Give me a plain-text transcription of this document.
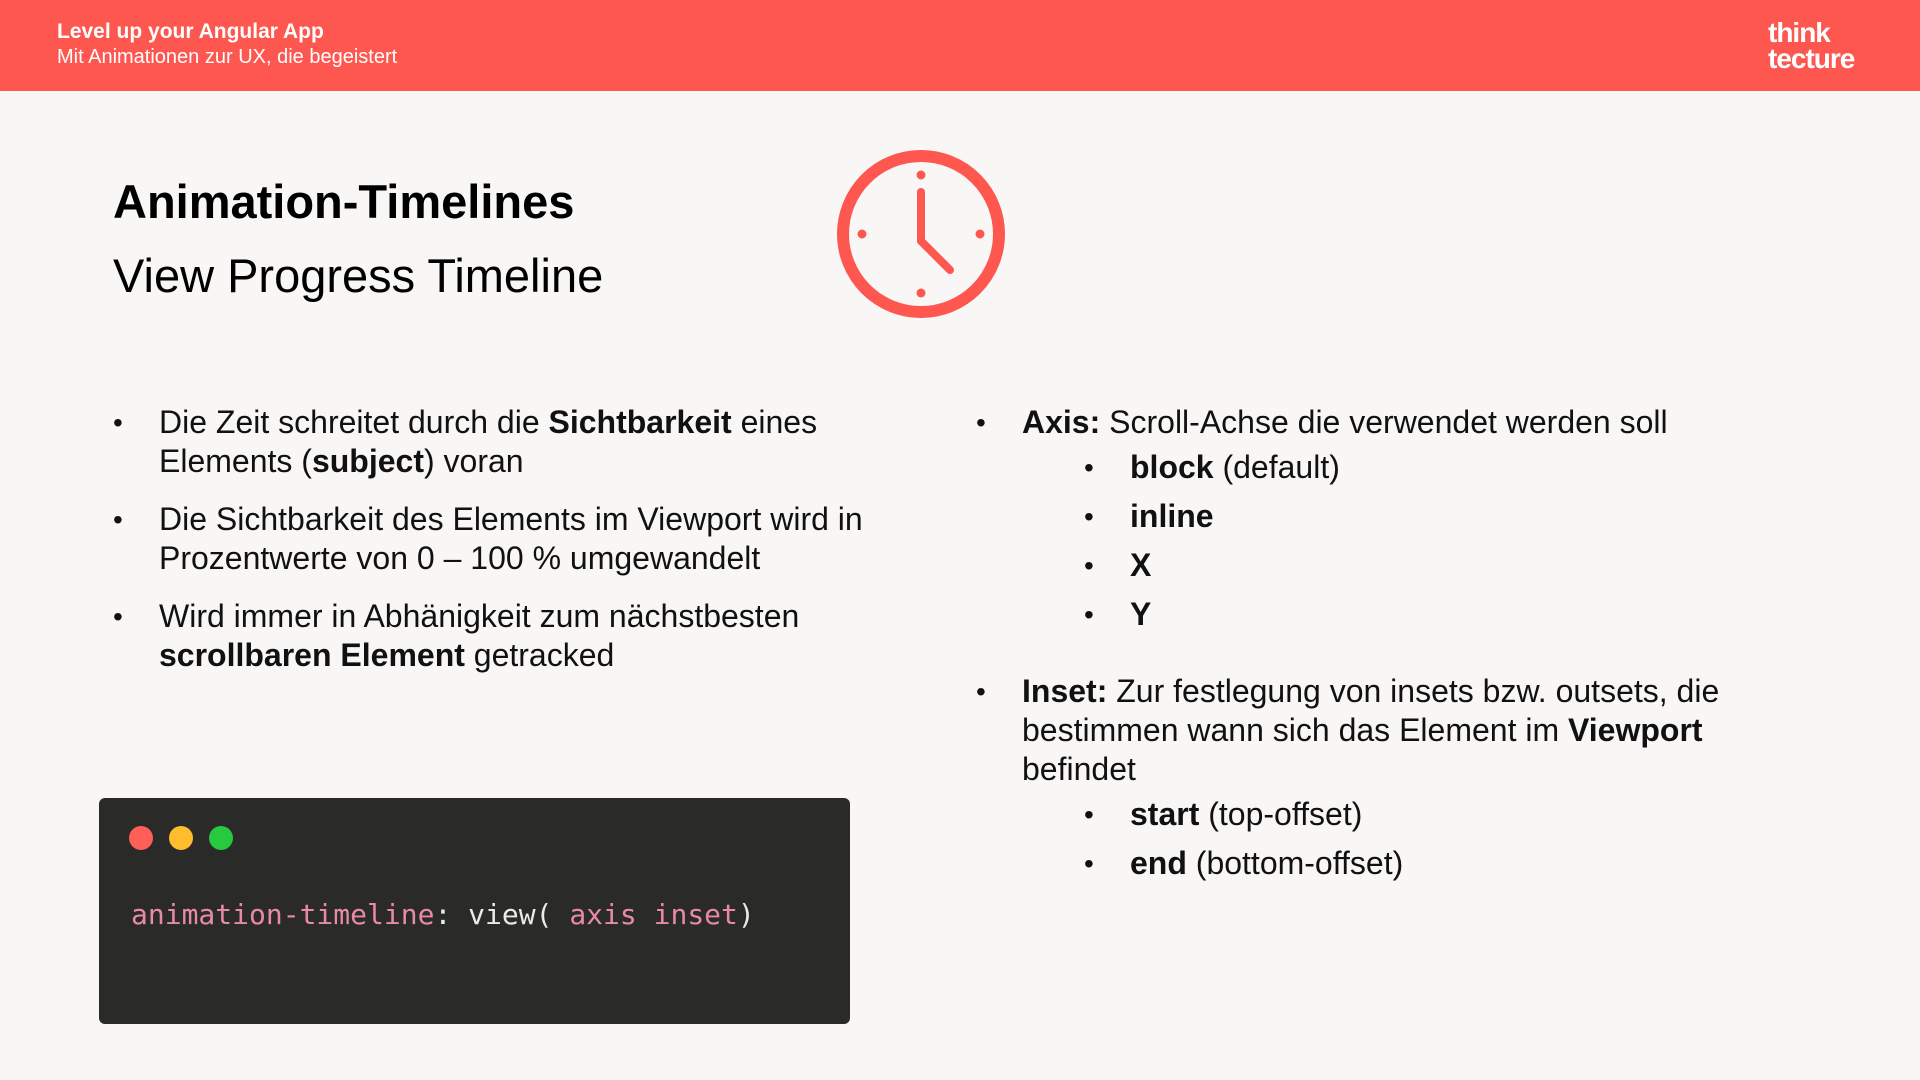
Level up your Angular App
Mit Animationen zur UX, die begeistert
think
tecture
Animation-Timelines
View Progress Timeline
• Die Zeit schreitet durch die Sichtbarkeit eines Elements (subject) voran
• Die Sichtbarkeit des Elements im Viewport wird in Prozentwerte von 0 – 100 % umgewandelt
• Wird immer in Abhänigkeit zum nächstbesten scrollbaren Element getracked
• Axis: Scroll-Achse die verwendet werden soll
• block (default)
• inline
• X
• Y
• Inset: Zur festlegung von insets bzw. outsets, die bestimmen wann sich das Element im Viewport befindet
• start (top-offset)
• end (bottom-offset)
animation-timeline: view( axis inset)
